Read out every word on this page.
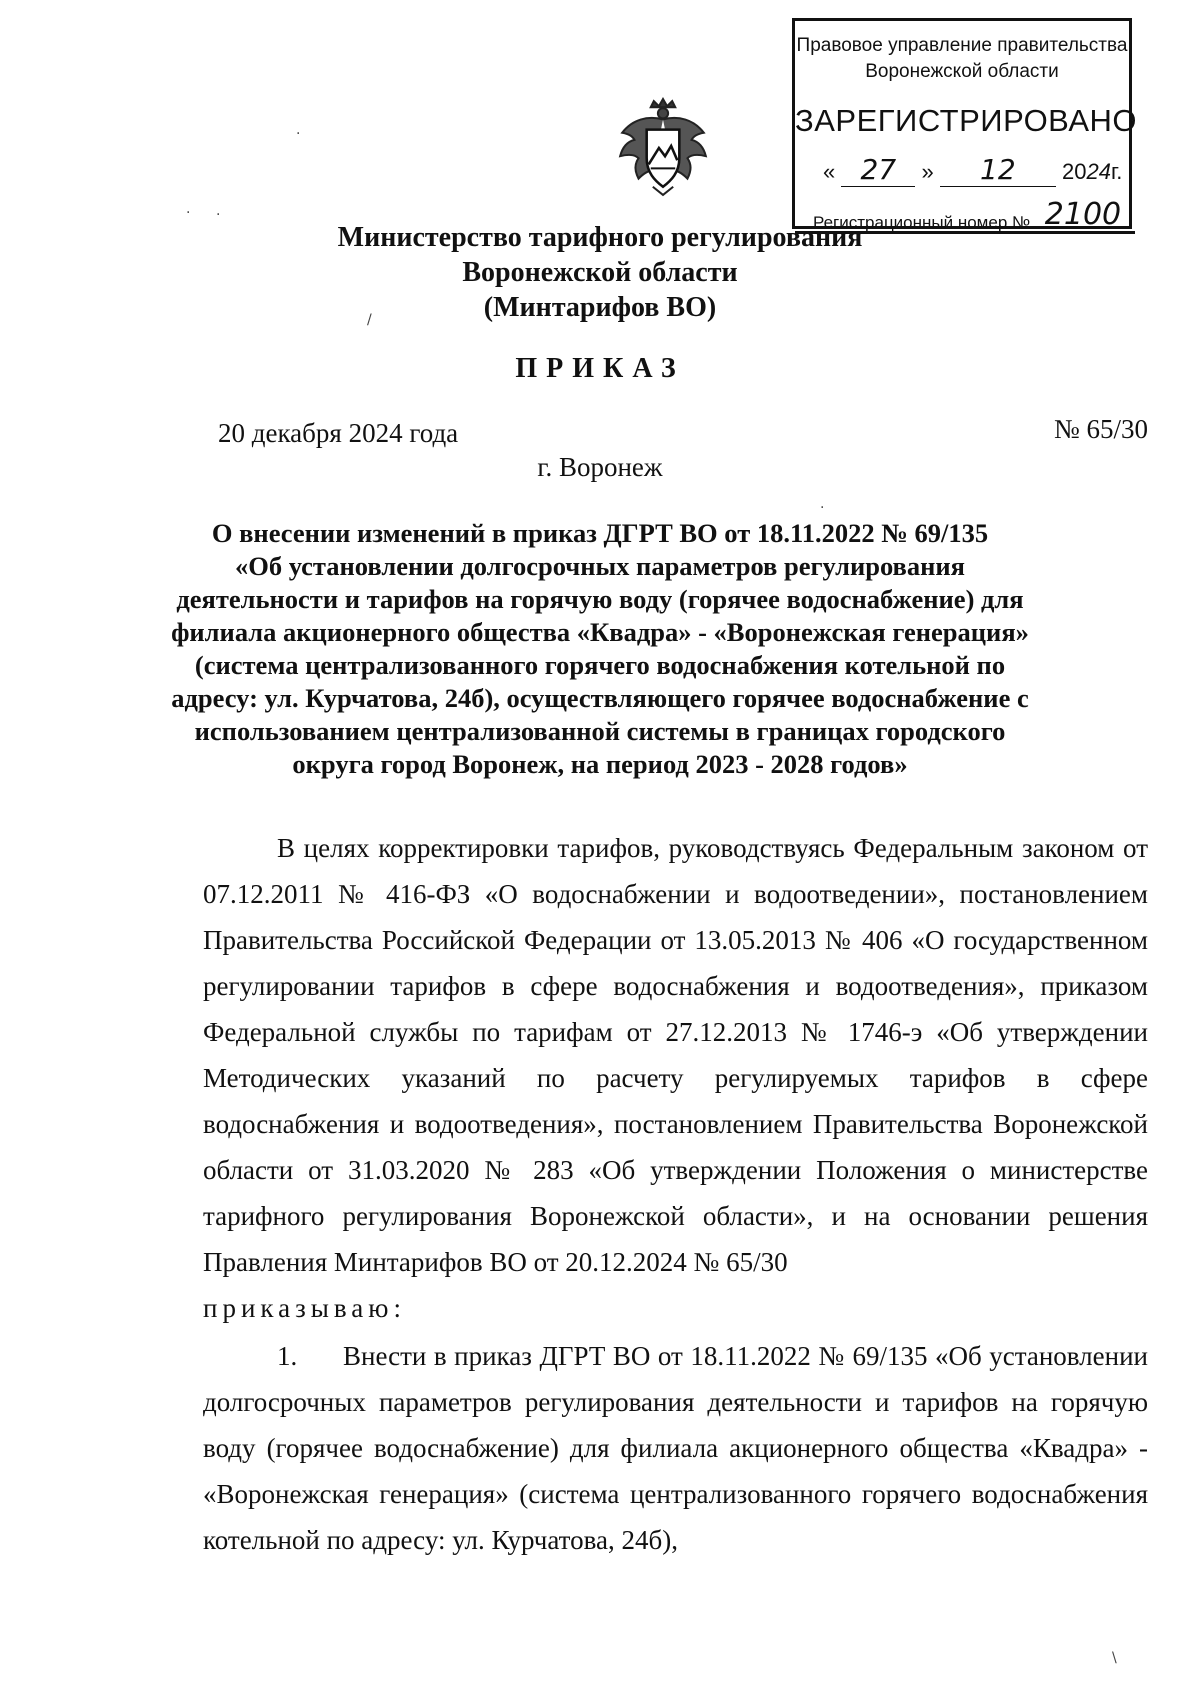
Правовое управление правительства
Воронежской области
ЗАРЕГИСТРИРОВАНО
« 27 » 12 2024г.
Регистрационный номер № 2100
·
· ·
/
·
\
Министерство тарифного регулирования
Воронежской области
(Минтарифов ВО)
ПРИКАЗ
20 декабря 2024 года	№ 65/30
г. Воронеж
О внесении изменений в приказ ДГРТ ВО от 18.11.2022 № 69/135
«Об установлении долгосрочных параметров регулирования
деятельности и тарифов на горячую воду (горячее водоснабжение) для
филиала акционерного общества «Квадра» - «Воронежская генерация»
(система централизованного горячего водоснабжения котельной по
адресу: ул. Курчатова, 24б), осуществляющего горячее водоснабжение с
использованием централизованной системы в границах городского
округа город Воронеж, на период 2023 - 2028 годов»

В целях корректировки тарифов, руководствуясь Федеральным законом от 07.12.2011 № 416-ФЗ «О водоснабжении и водоотведении», постановлением Правительства Российской Федерации от 13.05.2013 № 406 «О государственном регулировании тарифов в сфере водоснабжения и водоотведения», приказом Федеральной службы по тарифам от 27.12.2013 № 1746-э «Об утверждении Методических указаний по расчету регулируемых тарифов в сфере водоснабжения и водоотведения», постановлением Правительства Воронежской области от 31.03.2020 № 283 «Об утверждении Положения о министерстве тарифного регулирования Воронежской области», и на основании решения Правления Минтарифов ВО от 20.12.2024 № 65/30

приказываю:

1. Внести в приказ ДГРТ ВО от 18.11.2022 № 69/135 «Об установлении долгосрочных параметров регулирования деятельности и тарифов на горячую воду (горячее водоснабжение) для филиала акционерного общества «Квадра» - «Воронежская генерация» (система централизованного горячего водоснабжения котельной по адресу: ул. Курчатова, 24б),
